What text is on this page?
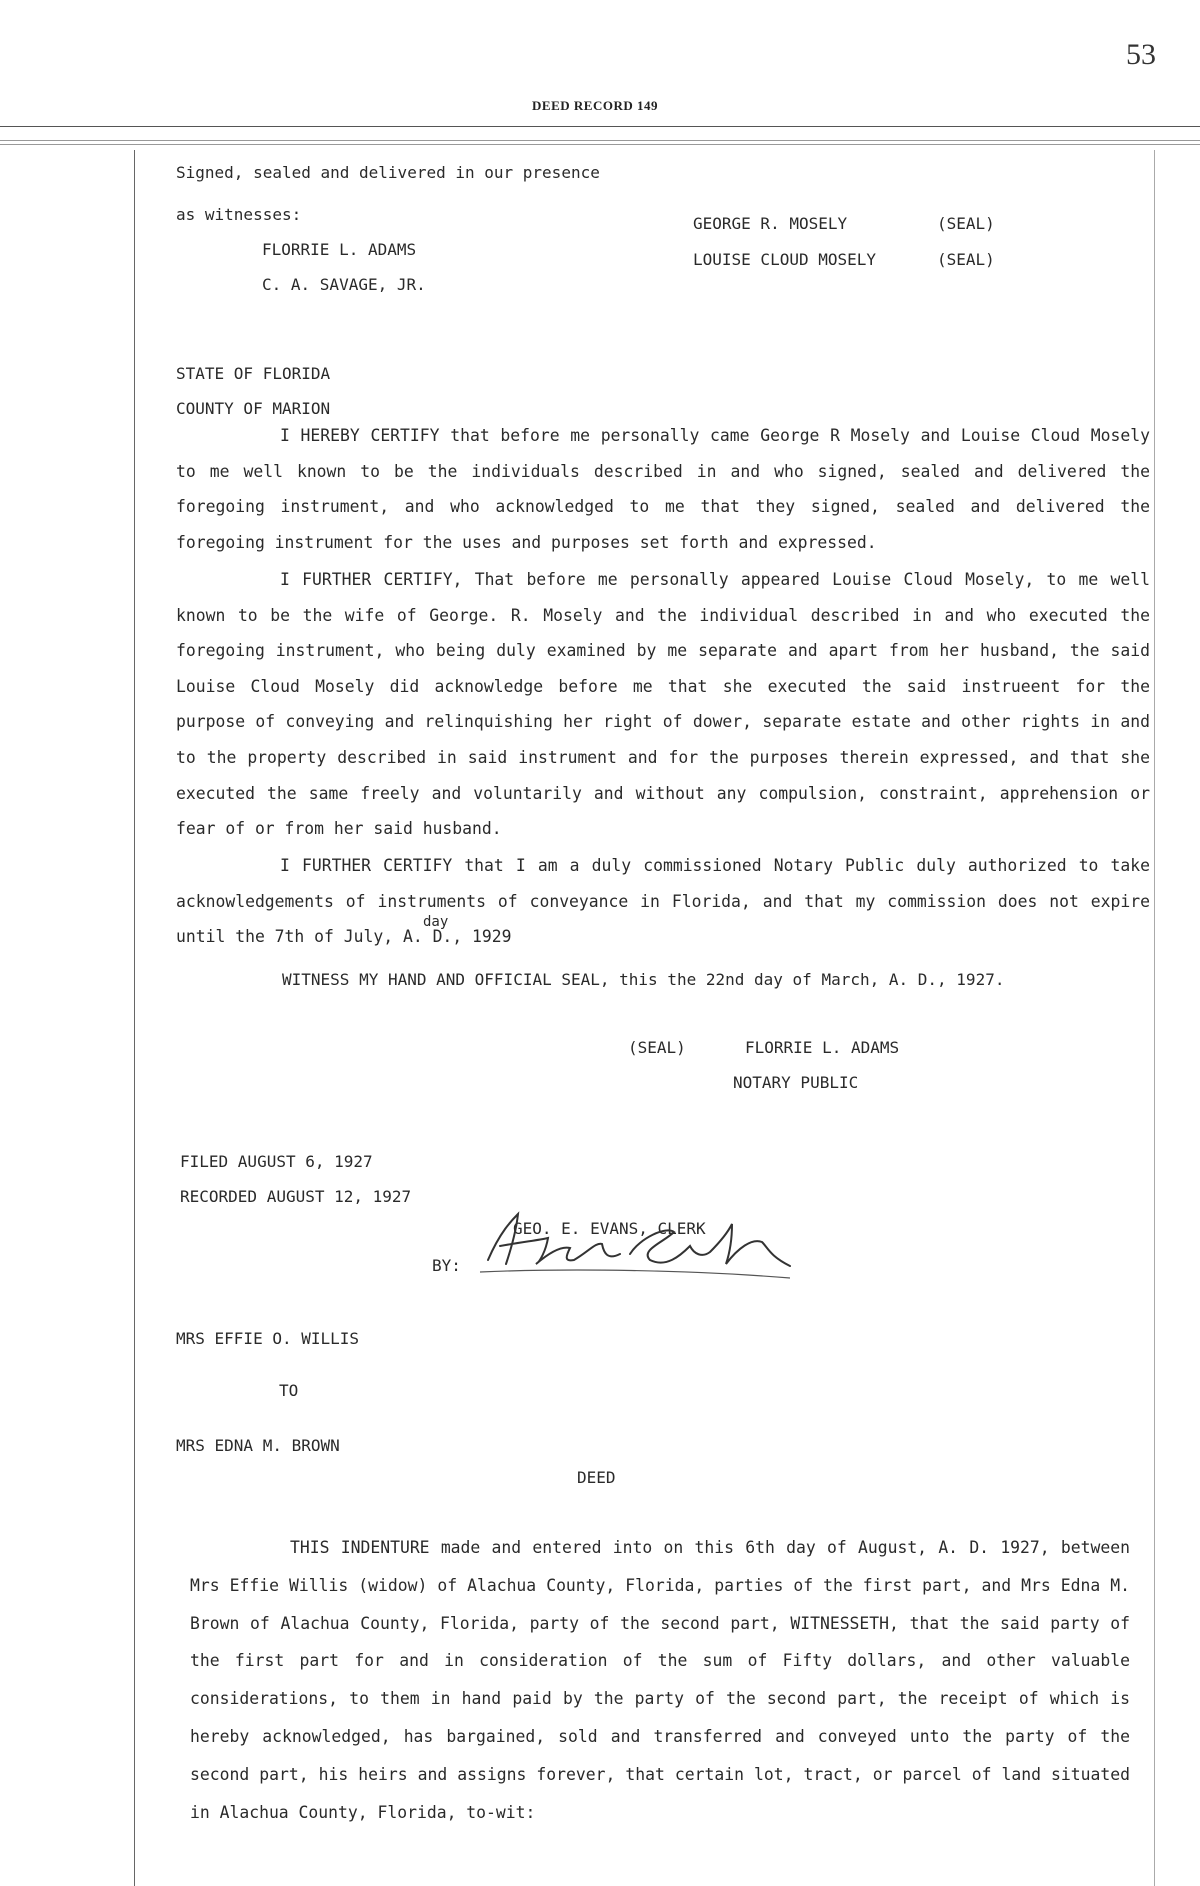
53
DEED RECORD 149
Signed, sealed and delivered in our presence
as witnesses:
FLORRIE L. ADAMS
C. A. SAVAGE, JR.
GEORGE R. MOSELY	(SEAL)
LOUISE CLOUD MOSELY	(SEAL)
STATE OF FLORIDA
COUNTY OF MARION
I HEREBY CERTIFY that before me personally came George R Mosely and Louise Cloud Mosely to me well known to be the individuals described in and who signed, sealed and delivered the foregoing instrument, and who acknowledged to me that they signed, sealed and delivered the foregoing instrument for the uses and purposes set forth and expressed.
I FURTHER CERTIFY, That before me personally appeared Louise Cloud Mosely, to me well known to be the wife of George. R. Mosely and the individual described in and who executed the foregoing instrument, who being duly examined by me separate and apart from her husband, the said Louise Cloud Mosely did acknowledge before me that she executed the said instrueent for the purpose of conveying and relinquishing her right of dower, separate estate and other rights in and to the property described in said instrument and for the purposes therein expressed, and that she executed the same freely and voluntarily and without any compulsion, constraint, apprehension or fear of or from her said husband.
I FURTHER CERTIFY that I am a duly commissioned Notary Public duly authorized to take acknowledgements of instruments of conveyance in Florida, and that my commission does not expire until the 7th of July, A. D., 1929
day
WITNESS MY HAND AND OFFICIAL SEAL, this the 22nd day of March, A. D., 1927.
(SEAL)	FLORRIE L. ADAMS
NOTARY PUBLIC
FILED AUGUST 6, 1927
RECORDED AUGUST 12, 1927
GEO. E. EVANS, CLERK
BY:
MRS EFFIE O. WILLIS
TO
MRS EDNA M. BROWN
DEED
THIS INDENTURE made and entered into on this 6th day of August, A. D. 1927, between Mrs Effie Willis (widow) of Alachua County, Florida, parties of the first part, and Mrs Edna M. Brown of Alachua County, Florida, party of the second part, WITNESSETH, that the said party of the first part for and in consideration of the sum of Fifty dollars, and other valuable considerations, to them in hand paid by the party of the second part, the receipt of which is hereby acknowledged, has bargained, sold and transferred and conveyed unto the party of the second part, his heirs and assigns forever, that certain lot, tract, or parcel of land situated in Alachua County, Florida, to-wit:
